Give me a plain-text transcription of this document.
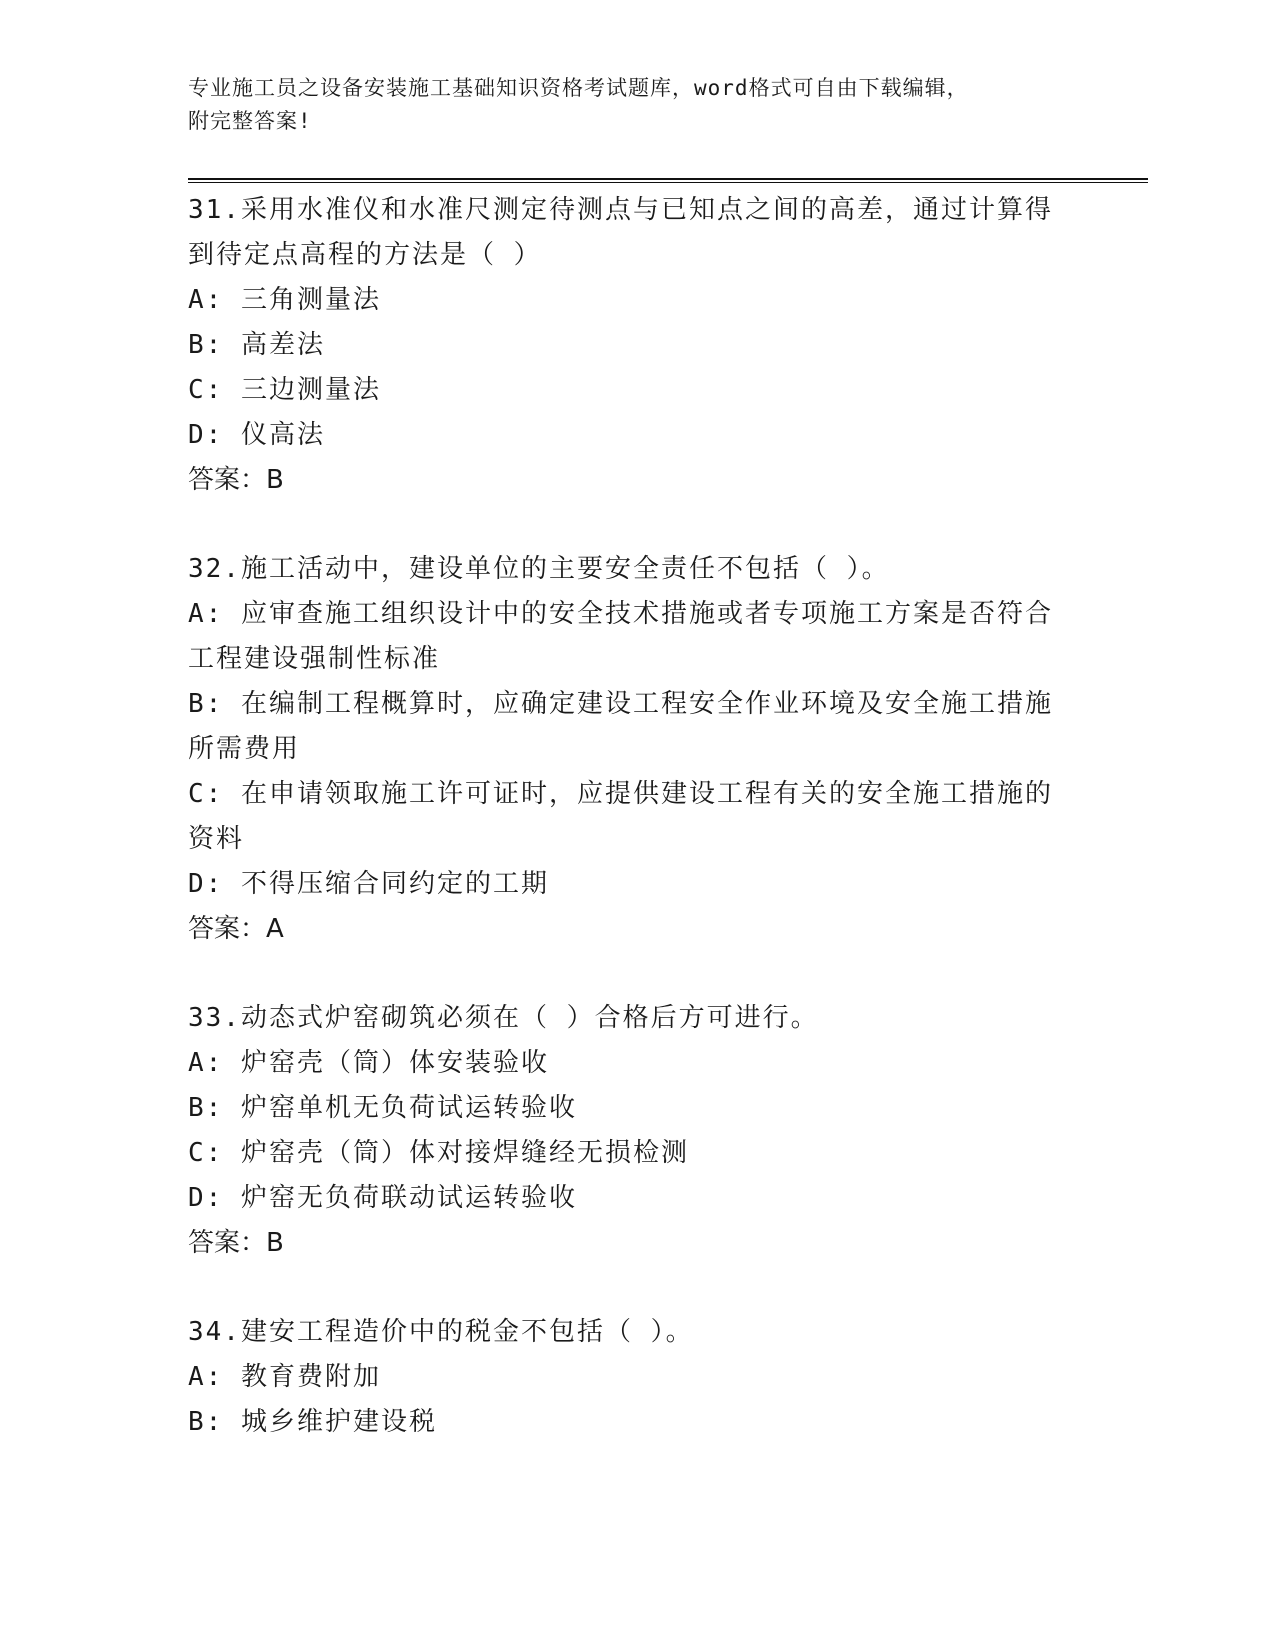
专业施工员之设备安装施工基础知识资格考试题库，word格式可自由下载编辑，
附完整答案!

31.采用水准仪和水准尺测定待测点与已知点之间的高差，通过计算得

到待定点高程的方法是（ ）

A: 三角测量法

B: 高差法

C: 三边测量法

D: 仪高法

答案：B

32.施工活动中，建设单位的主要安全责任不包括（ ）。

A: 应审查施工组织设计中的安全技术措施或者专项施工方案是否符合

工程建设强制性标准

B: 在编制工程概算时，应确定建设工程安全作业环境及安全施工措施

所需费用

C: 在申请领取施工许可证时，应提供建设工程有关的安全施工措施的

资料

D: 不得压缩合同约定的工期

答案：A

33.动态式炉窑砌筑必须在（ ）合格后方可进行。

A: 炉窑壳（筒）体安装验收

B: 炉窑单机无负荷试运转验收

C: 炉窑壳（筒）体对接焊缝经无损检测

D: 炉窑无负荷联动试运转验收

答案：B

34.建安工程造价中的税金不包括（ ）。

A: 教育费附加

B: 城乡维护建设税
